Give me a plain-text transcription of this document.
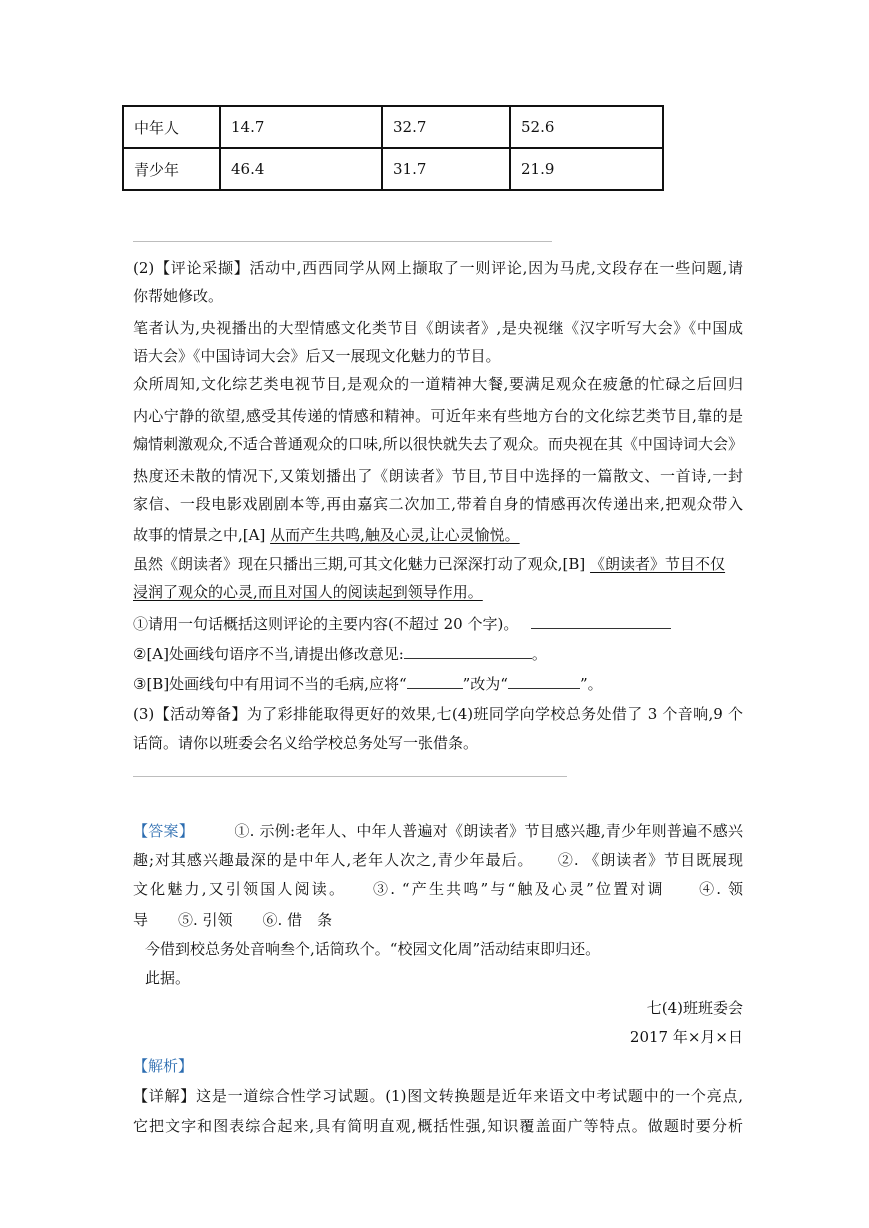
中年人	14.7	32.7	52.6
青少年	46.4	31.7	21.9
(2)【评论采撷】活动中,西西同学从网上撷取了一则评论,因为马虎,文段存在一些问题,请
你帮她修改。
笔者认为,央视播出的大型情感文化类节目《朗读者》,是央视继《汉字听写大会》《中国成
语大会》《中国诗词大会》后又一展现文化魅力的节目。
众所周知,文化综艺类电视节目,是观众的一道精神大餐,要满足观众在疲惫的忙碌之后回归
内心宁静的欲望,感受其传递的情感和精神。可近年来有些地方台的文化综艺类节目,靠的是
煽情刺激观众,不适合普通观众的口味,所以很快就失去了观众。而央视在其《中国诗词大会》
热度还未散的情况下,又策划播出了《朗读者》节目,节目中选择的一篇散文、一首诗,一封
家信、一段电影戏剧剧本等,再由嘉宾二次加工,带着自身的情感再次传递出来,把观众带入
故事的情景之中,[A] 从而产生共鸣,触及心灵,让心灵愉悦。
虽然《朗读者》现在只播出三期,可其文化魅力已深深打动了观众,[B] 《朗读者》节目不仅
浸润了观众的心灵,而且对国人的阅读起到领导作用。
①请用一句话概括这则评论的主要内容(不超过 20 个字)。
②[A]处画线句语序不当,请提出修改意见:	。
③[B]处画线句中有用词不当的毛病,应将“	”改为“	”。
(3)【活动筹备】为了彩排能取得更好的效果,七(4)班同学向学校总务处借了 3 个音响,9 个
话筒。请你以班委会名义给学校总务处写一张借条。
【答案】	①. 示例:老年人、中年人普遍对《朗读者》节目感兴趣,青少年则普遍不感兴
趣;对其感兴趣最深的是中年人,老年人次之,青少年最后。　　②. 《朗读者》节目既展现
文化魅力,又引领国人阅读。　　③. “产生共鸣”与“触及心灵”位置对调　　④. 领
导　　⑤. 引领　　⑥. 借　条
今借到校总务处音响叁个,话筒玖个。“校园文化周”活动结束即归还。
此据。
七(4)班班委会
2017 年×月×日
【解析】
【详解】这是一道综合性学习试题。(1)图文转换题是近年来语文中考试题中的一个亮点,
它把文字和图表综合起来,具有简明直观,概括性强,知识覆盖面广等特点。做题时要分析
